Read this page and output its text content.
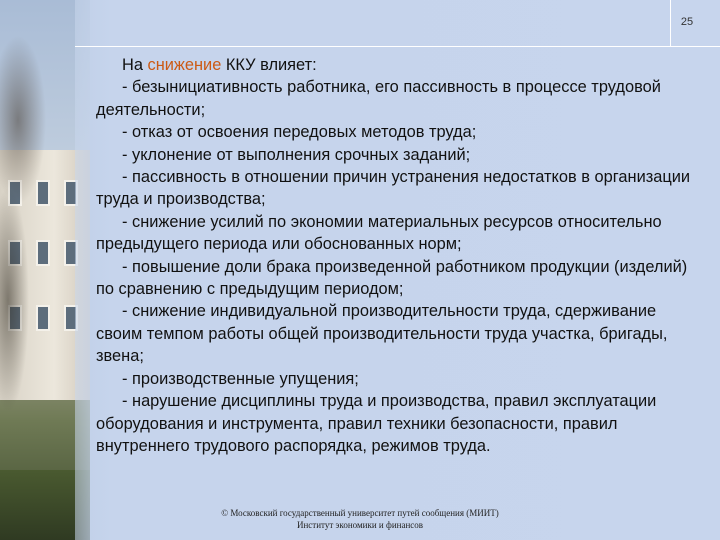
25

На снижение ККУ влияет:

- безынициативность работника, его пассивность в процессе трудовой деятельности;

- отказ от освоения передовых методов труда;

- уклонение от выполнения срочных заданий;

- пассивность в отношении причин устранения недостатков в организации труда и производства;

- снижение усилий по экономии материальных ресурсов относительно предыдущего периода или обоснованных норм;

- повышение доли брака произведенной работником продукции (изделий) по сравнению с предыдущим периодом;

- снижение индивидуальной производительности труда, сдерживание своим темпом работы общей производительности труда участка, бригады, звена;

- производственные упущения;

- нарушение дисциплины труда и производства, правил эксплуатации оборудования и инструмента, правил техники безопасности, правил внутреннего трудового распорядка, режимов труда.

© Московский государственный университет путей сообщения (МИИТ)
Институт экономики и финансов
